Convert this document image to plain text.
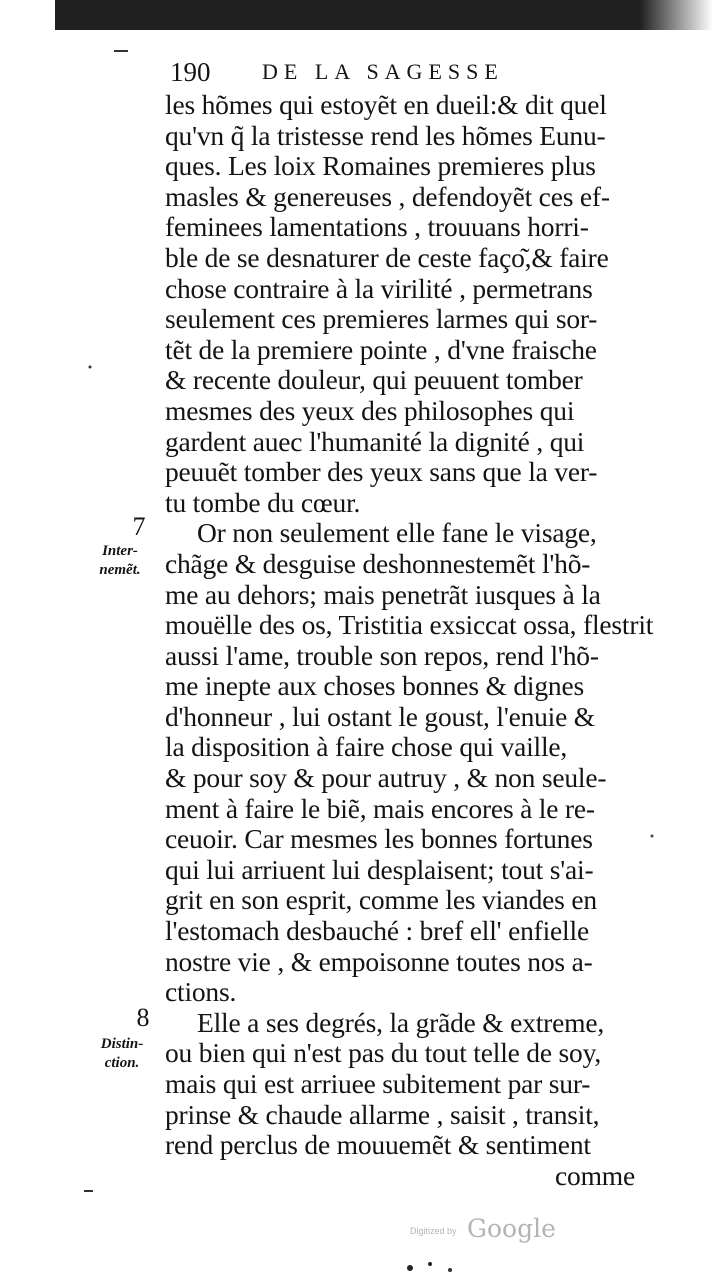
190 DE LA SAGESSE
les hõmes qui estoyẽt en dueil:& dit quel
qu'vn q̃ la tristesse rend les hõmes Eunu-
ques. Les loix Romaines premieres plus
masles & genereuses , defendoyẽt ces ef-
feminees lamentations , trouuans horri-
ble de se desnaturer de ceste faço͂,& faire
chose contraire à la virilité , permetrans
seulement ces premieres larmes qui sor-
tẽt de la premiere pointe , d'vne fraische
& recente douleur, qui peuuent tomber
mesmes des yeux des philosophes qui
gardent auec l'humanité la dignité , qui
peuuẽt tomber des yeux sans que la ver-
tu tombe du cœur.
Or non seulement elle fane le visage,
chãge & desguise deshonnestemẽt l'hõ-
me au dehors; mais penetrãt iusques à la
mouëlle des os, Tristitia exsiccat ossa, flestrit
aussi l'ame, trouble son repos, rend l'hõ-
me inepte aux choses bonnes & dignes
d'honneur , lui ostant le goust, l'enuie &
la disposition à faire chose qui vaille,
& pour soy & pour autruy , & non seule-
ment à faire le biẽ, mais encores à le re-
ceuoir. Car mesmes les bonnes fortunes
qui lui arriuent lui desplaisent; tout s'ai-
grit en son esprit, comme les viandes en
l'estomach desbauché : bref ell' enfielle
nostre vie , & empoisonne toutes nos a-
ctions.
Elle a ses degrés, la grãde & extreme,
ou bien qui n'est pas du tout telle de soy,
mais qui est arriuee subitement par sur-
prinse & chaude allarme , saisit , transit,
rend perclus de mouuemẽt & sentiment
comme
7
Inter-
nemẽt.
8
Distin-
ction.
Digitized by Google
